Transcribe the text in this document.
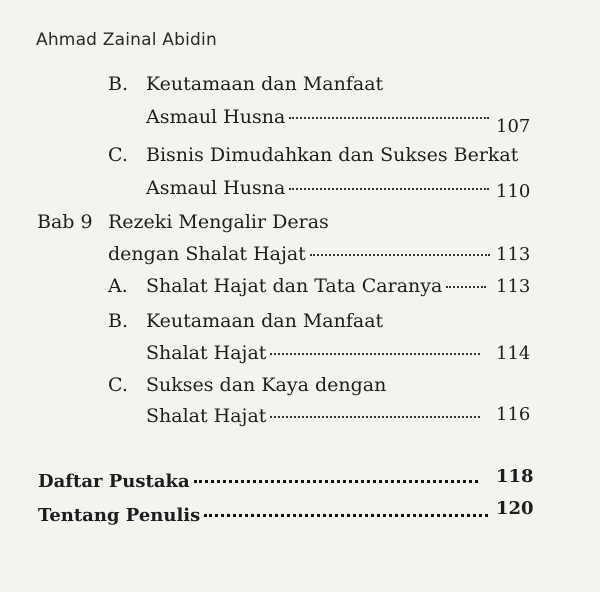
Ahmad Zainal Abidin
B. Keutamaan dan Manfaat
Asmaul Husna	107
C. Bisnis Dimudahkan dan Sukses Berkat
Asmaul Husna	110
Bab 9 Rezeki Mengalir Deras
dengan Shalat Hajat	113
A. Shalat Hajat dan Tata Caranya	113
B. Keutamaan dan Manfaat
Shalat Hajat	114
C. Sukses dan Kaya dengan
Shalat Hajat	116
Daftar Pustaka	118
Tentang Penulis	120
